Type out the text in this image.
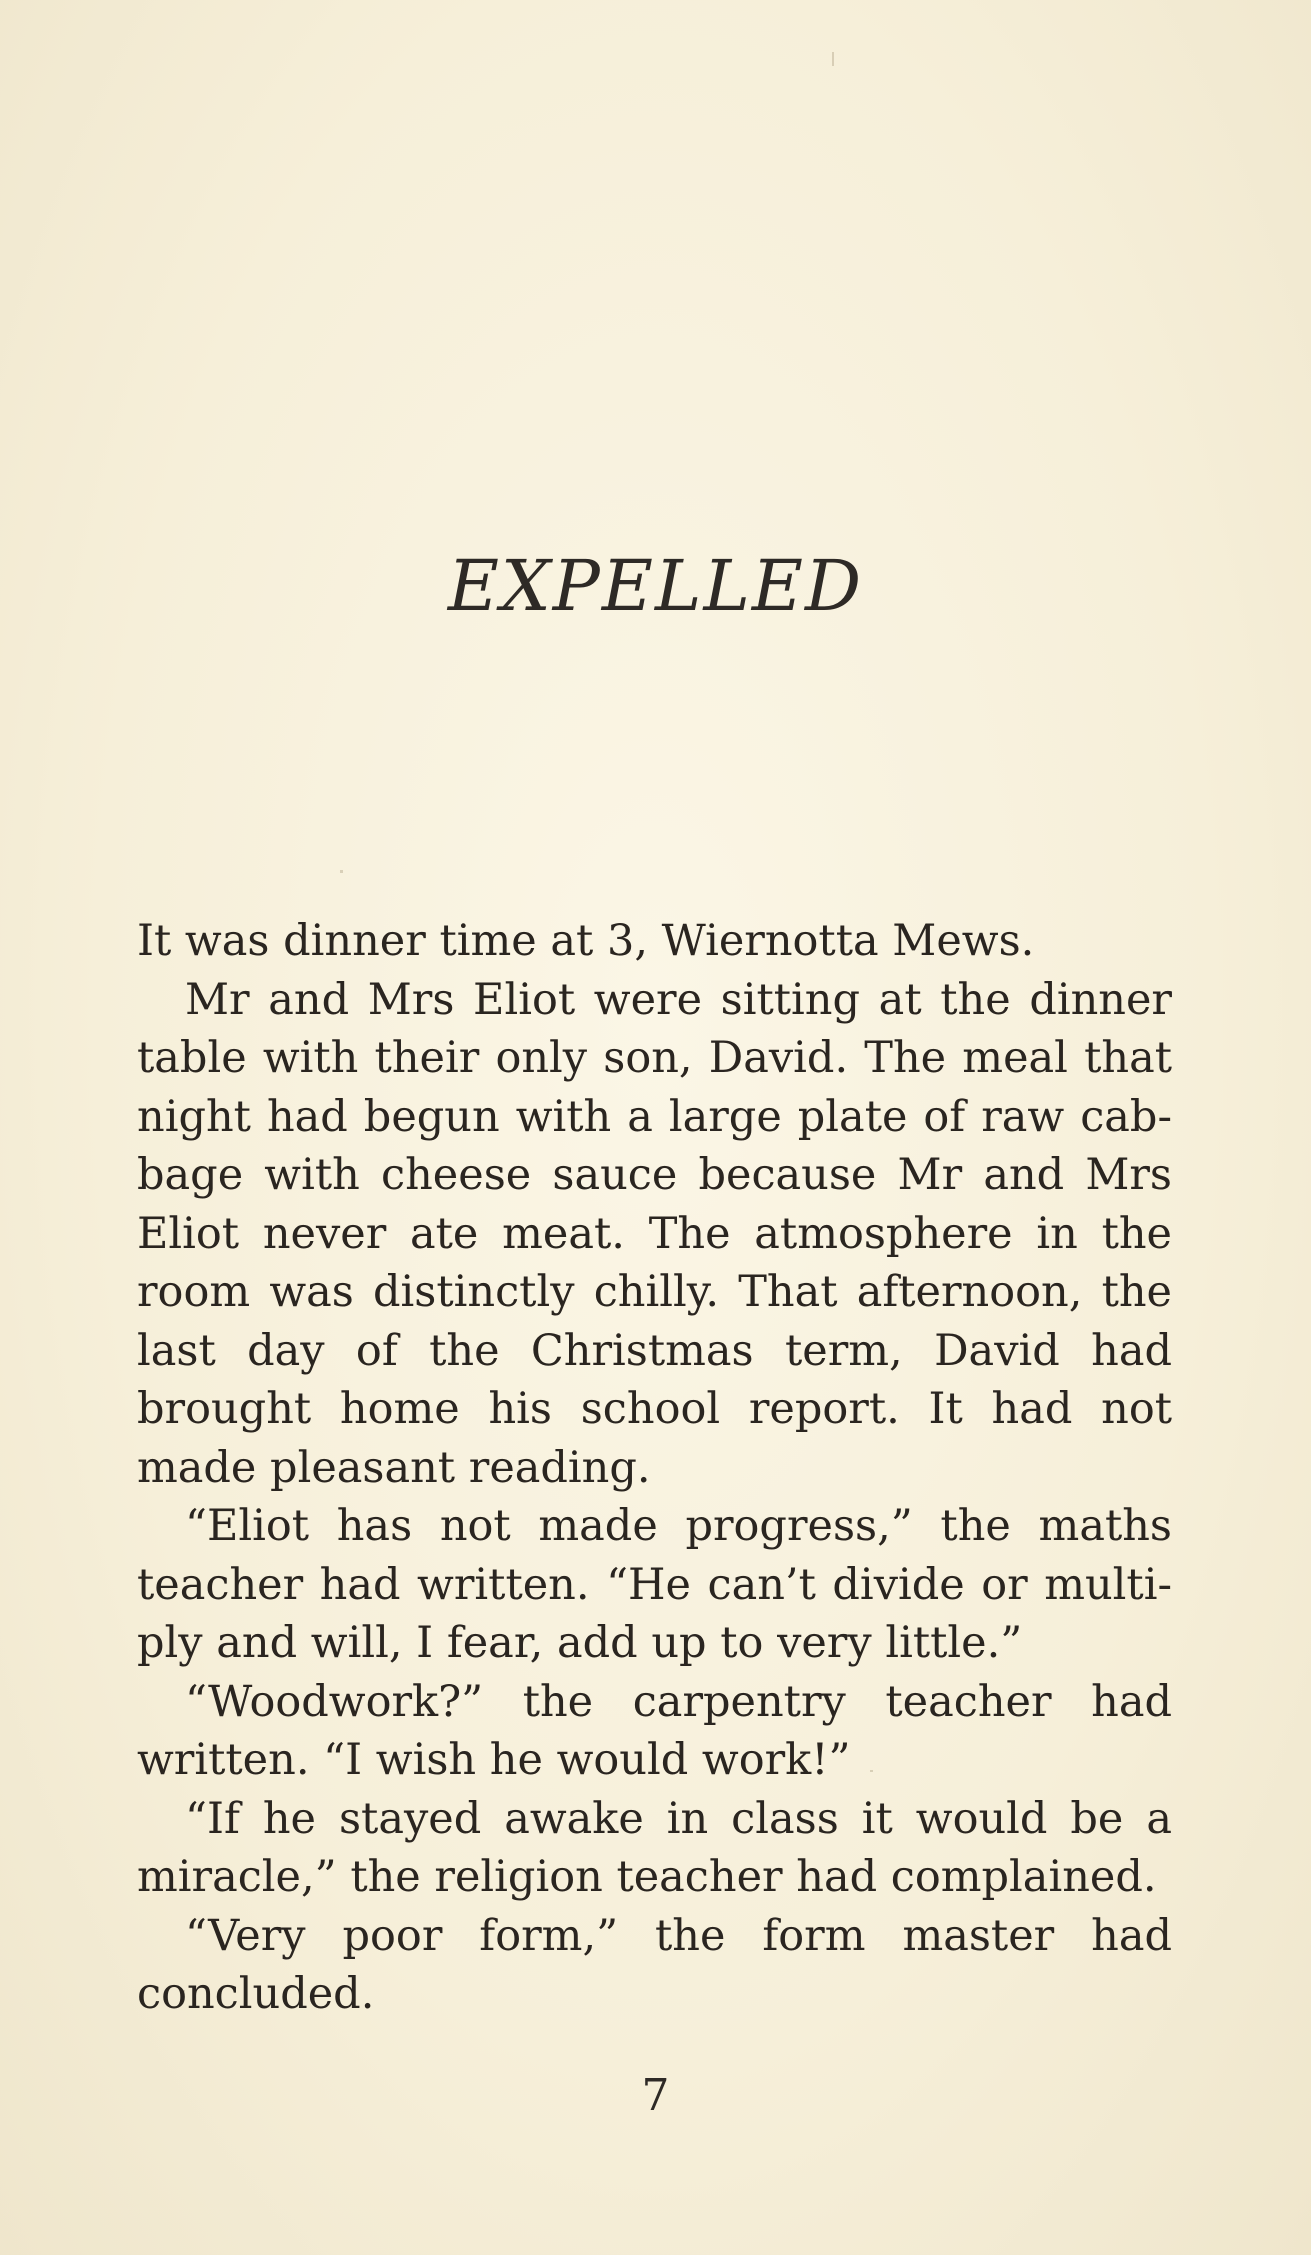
EXPELLED

It was dinner time at 3, Wiernotta Mews.

Mr and Mrs Eliot were sitting at the dinner table with their only son, David. The meal that night had begun with a large plate of raw cabbage with cheese sauce because Mr and Mrs Eliot never ate meat. The atmosphere in the room was distinctly chilly. That afternoon, the last day of the Christmas term, David had brought home his school report. It had not made pleasant reading.

“Eliot has not made progress,” the maths teacher had written. “He can’t divide or multiply and will, I fear, add up to very little.”

“Woodwork?” the carpentry teacher had written. “I wish he would work!”

“If he stayed awake in class it would be a miracle,” the religion teacher had complained.

“Very poor form,” the form master had concluded.

7
